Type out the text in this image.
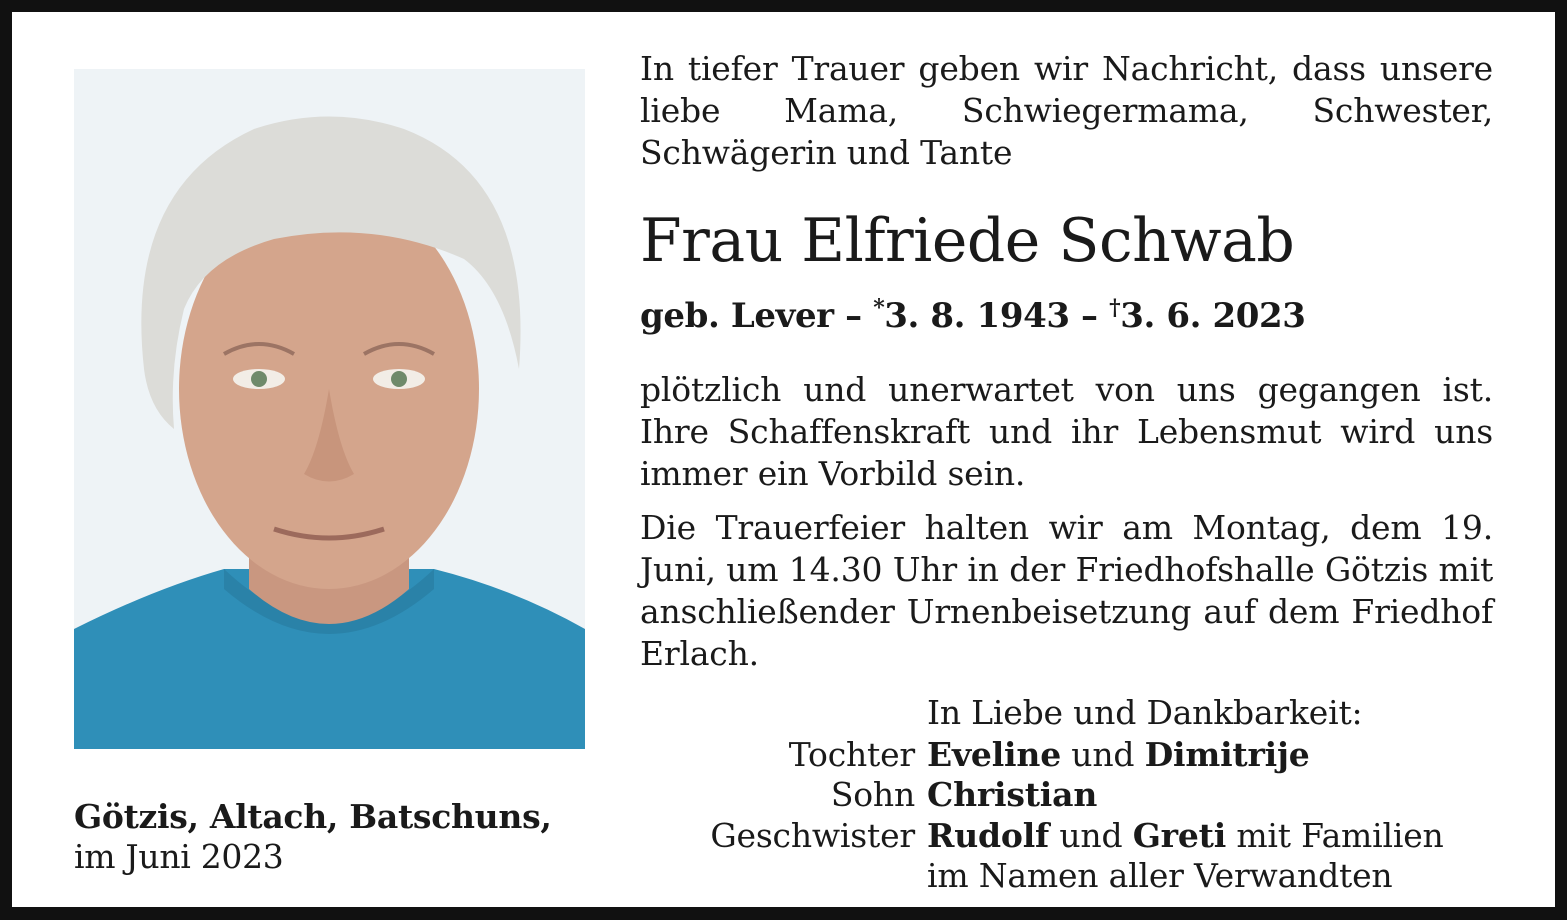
In tiefer Trauer geben wir Nachricht, dass unsere liebe Mama, Schwiegermama, Schwester, Schwägerin und Tante

Frau Elfriede Schwab
geb. Lever – *3. 8. 1943 – †3. 6. 2023

plötzlich und unerwartet von uns gegangen ist. Ihre Schaffenskraft und ihr Lebensmut wird uns immer ein Vorbild sein.

Die Trauerfeier halten wir am Montag, dem 19. Juni, um 14.30 Uhr in der Friedhofshalle Götzis mit anschließender Urnenbeisetzung auf dem Friedhof Erlach.

In Liebe und Dankbarkeit:
Tochter Eveline und Dimitrije
Sohn Christian
Geschwister Rudolf und Greti mit Familien
im Namen aller Verwandten
Götzis, Altach, Batschuns,
im Juni 2023
